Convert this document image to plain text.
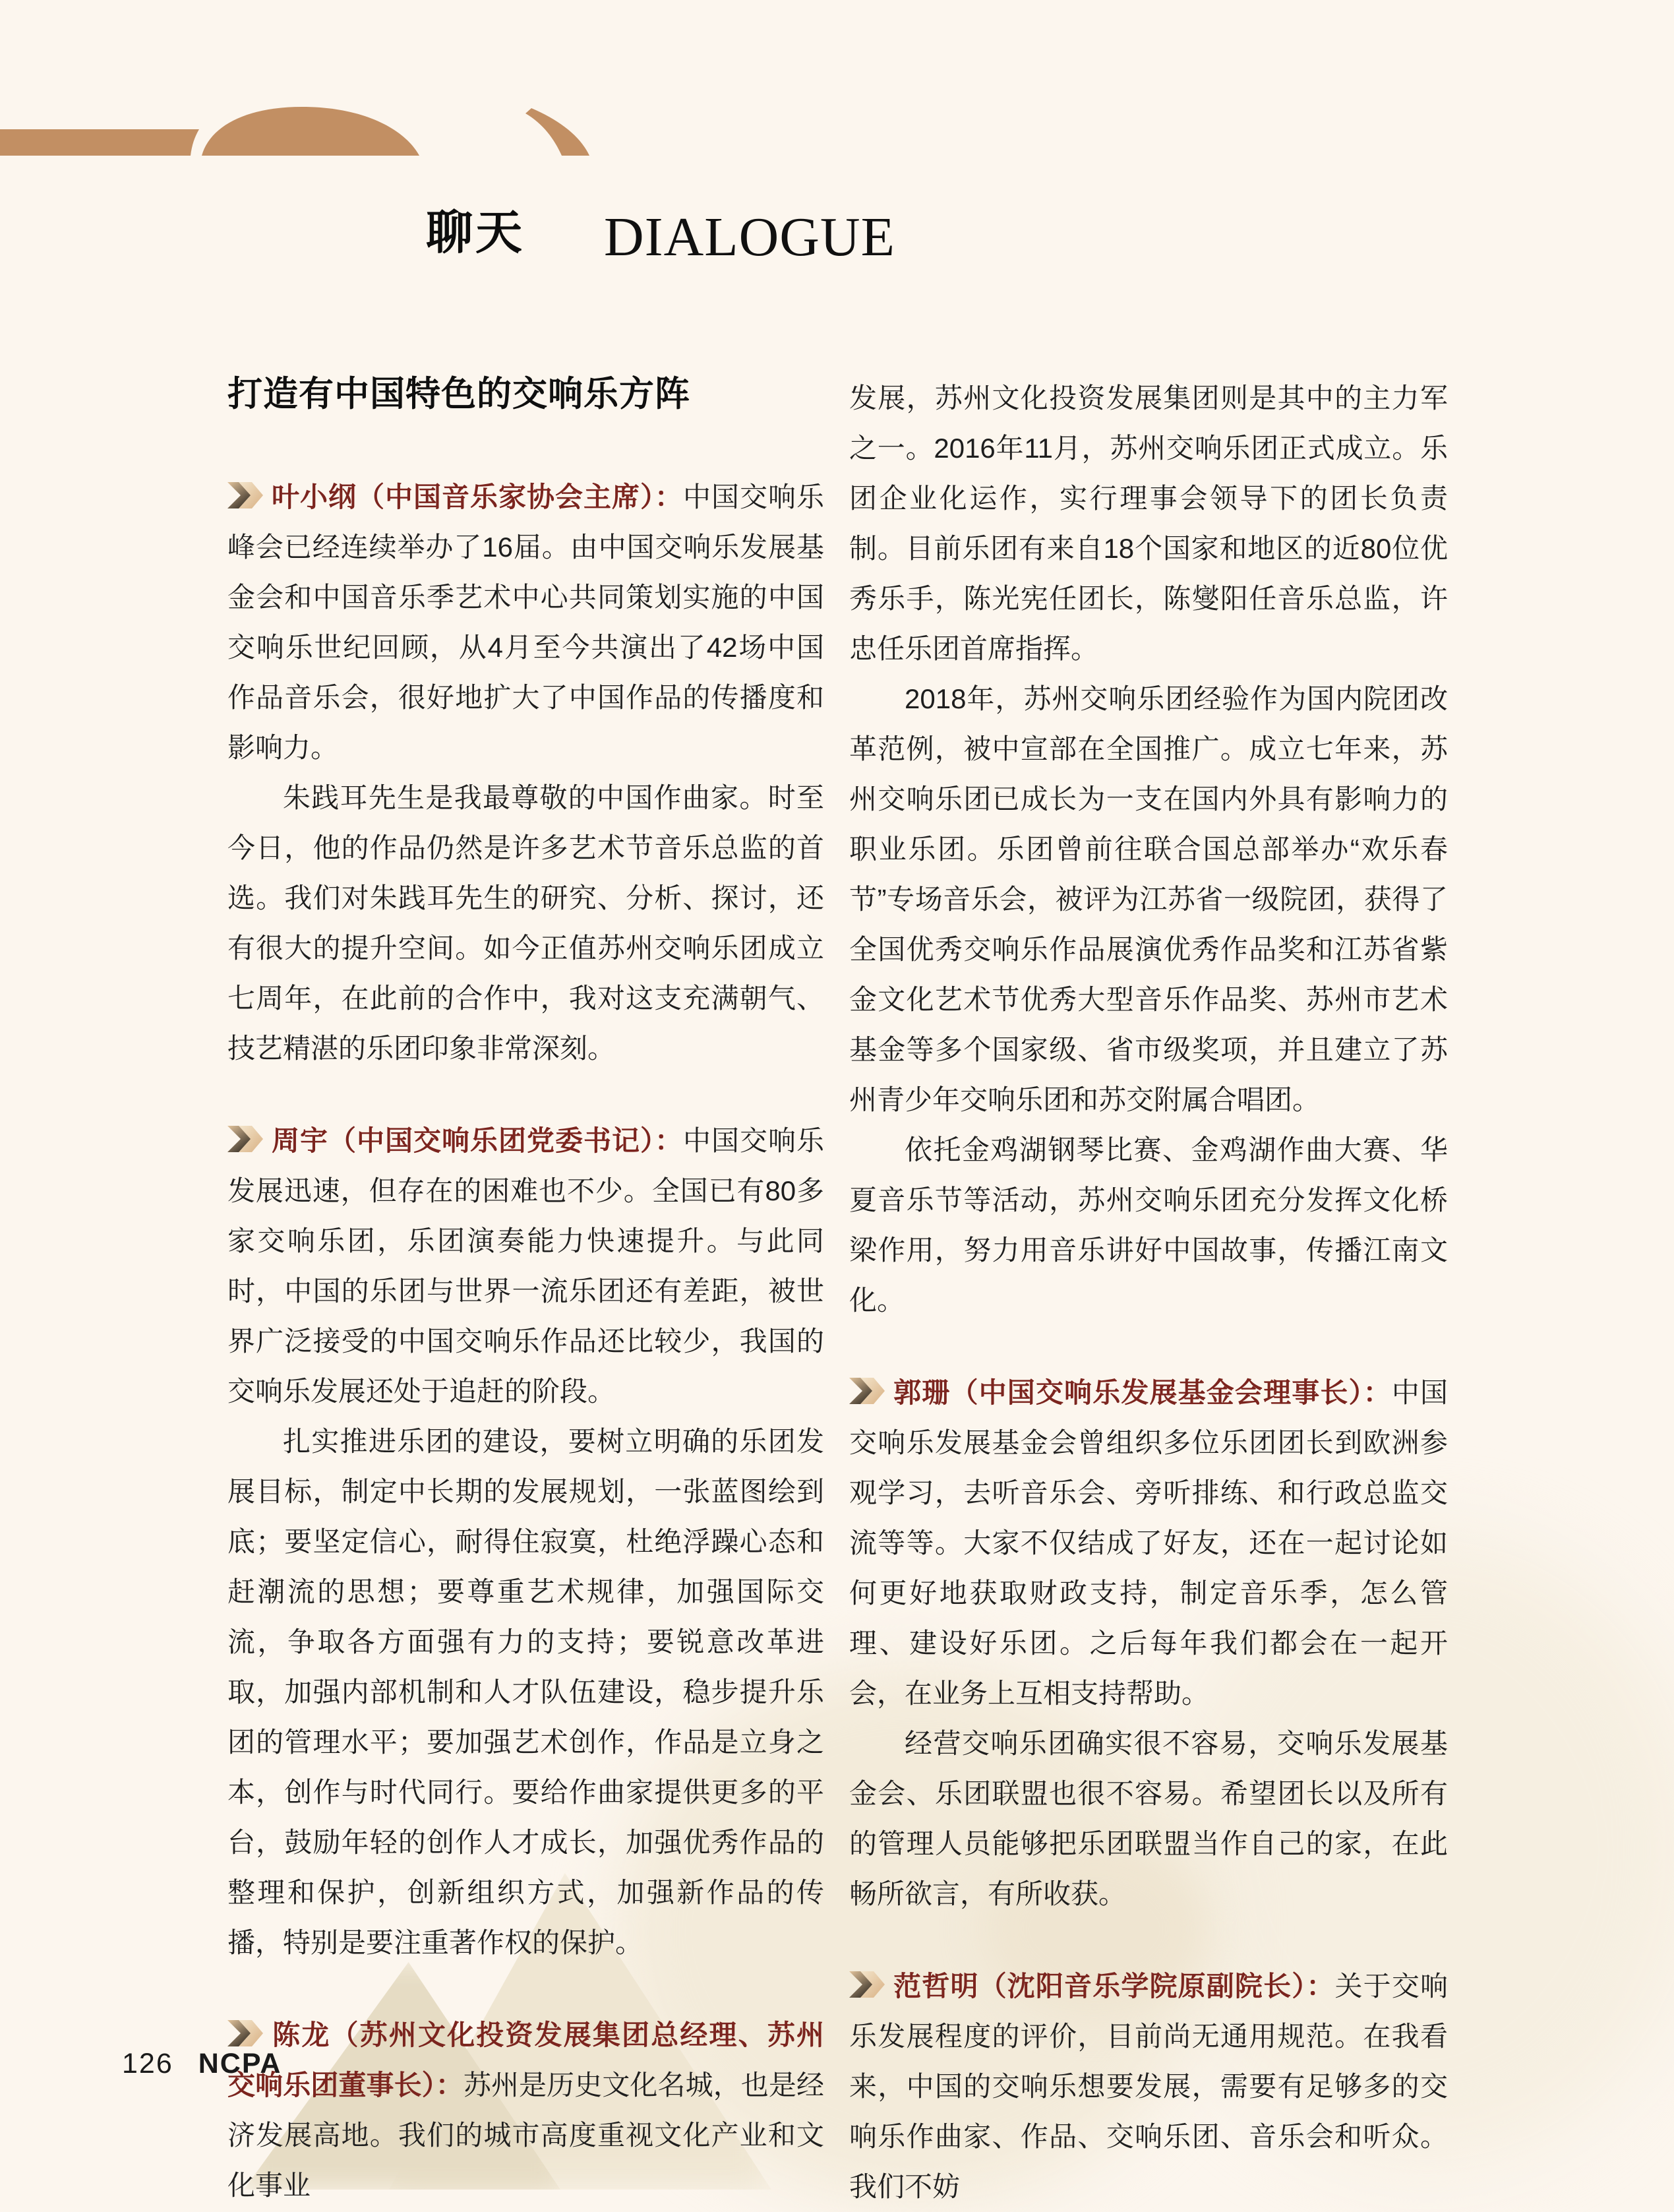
聊天 DIALOGUE
打造有中国特色的交响乐方阵

叶小纲（中国音乐家协会主席）：中国交响乐峰会已经连续举办了16届。由中国交响乐发展基金会和中国音乐季艺术中心共同策划实施的中国交响乐世纪回顾，从4月至今共演出了42场中国作品音乐会，很好地扩大了中国作品的传播度和影响力。

朱践耳先生是我最尊敬的中国作曲家。时至今日，他的作品仍然是许多艺术节音乐总监的首选。我们对朱践耳先生的研究、分析、探讨，还有很大的提升空间。如今正值苏州交响乐团成立七周年，在此前的合作中，我对这支充满朝气、技艺精湛的乐团印象非常深刻。

周宇（中国交响乐团党委书记）：中国交响乐发展迅速，但存在的困难也不少。全国已有80多家交响乐团，乐团演奏能力快速提升。与此同时，中国的乐团与世界一流乐团还有差距，被世界广泛接受的中国交响乐作品还比较少，我国的交响乐发展还处于追赶的阶段。

扎实推进乐团的建设，要树立明确的乐团发展目标，制定中长期的发展规划，一张蓝图绘到底；要坚定信心，耐得住寂寞，杜绝浮躁心态和赶潮流的思想；要尊重艺术规律，加强国际交流，争取各方面强有力的支持；要锐意改革进取，加强内部机制和人才队伍建设，稳步提升乐团的管理水平；要加强艺术创作，作品是立身之本，创作与时代同行。要给作曲家提供更多的平台，鼓励年轻的创作人才成长，加强优秀作品的整理和保护，创新组织方式，加强新作品的传播，特别是要注重著作权的保护。

陈龙（苏州文化投资发展集团总经理、苏州交响乐团董事长）：苏州是历史文化名城，也是经济发展高地。我们的城市高度重视文化产业和文化事业

发展，苏州文化投资发展集团则是其中的主力军之一。2016年11月，苏州交响乐团正式成立。乐团企业化运作，实行理事会领导下的团长负责制。目前乐团有来自18个国家和地区的近80位优秀乐手，陈光宪任团长，陈燮阳任音乐总监，许忠任乐团首席指挥。

2018年，苏州交响乐团经验作为国内院团改革范例，被中宣部在全国推广。成立七年来，苏州交响乐团已成长为一支在国内外具有影响力的职业乐团。乐团曾前往联合国总部举办“欢乐春节”专场音乐会，被评为江苏省一级院团，获得了全国优秀交响乐作品展演优秀作品奖和江苏省紫金文化艺术节优秀大型音乐作品奖、苏州市艺术基金等多个国家级、省市级奖项，并且建立了苏州青少年交响乐团和苏交附属合唱团。

依托金鸡湖钢琴比赛、金鸡湖作曲大赛、华夏音乐节等活动，苏州交响乐团充分发挥文化桥梁作用，努力用音乐讲好中国故事，传播江南文化。

郭珊（中国交响乐发展基金会理事长）：中国交响乐发展基金会曾组织多位乐团团长到欧洲参观学习，去听音乐会、旁听排练、和行政总监交流等等。大家不仅结成了好友，还在一起讨论如何更好地获取财政支持，制定音乐季，怎么管理、建设好乐团。之后每年我们都会在一起开会，在业务上互相支持帮助。

经营交响乐团确实很不容易，交响乐发展基金会、乐团联盟也很不容易。希望团长以及所有的管理人员能够把乐团联盟当作自己的家，在此畅所欲言，有所收获。

范哲明（沈阳音乐学院原副院长）：关于交响乐发展程度的评价，目前尚无通用规范。在我看来，中国的交响乐想要发展，需要有足够多的交响乐作曲家、作品、交响乐团、音乐会和听众。我们不妨

126 NCPA
